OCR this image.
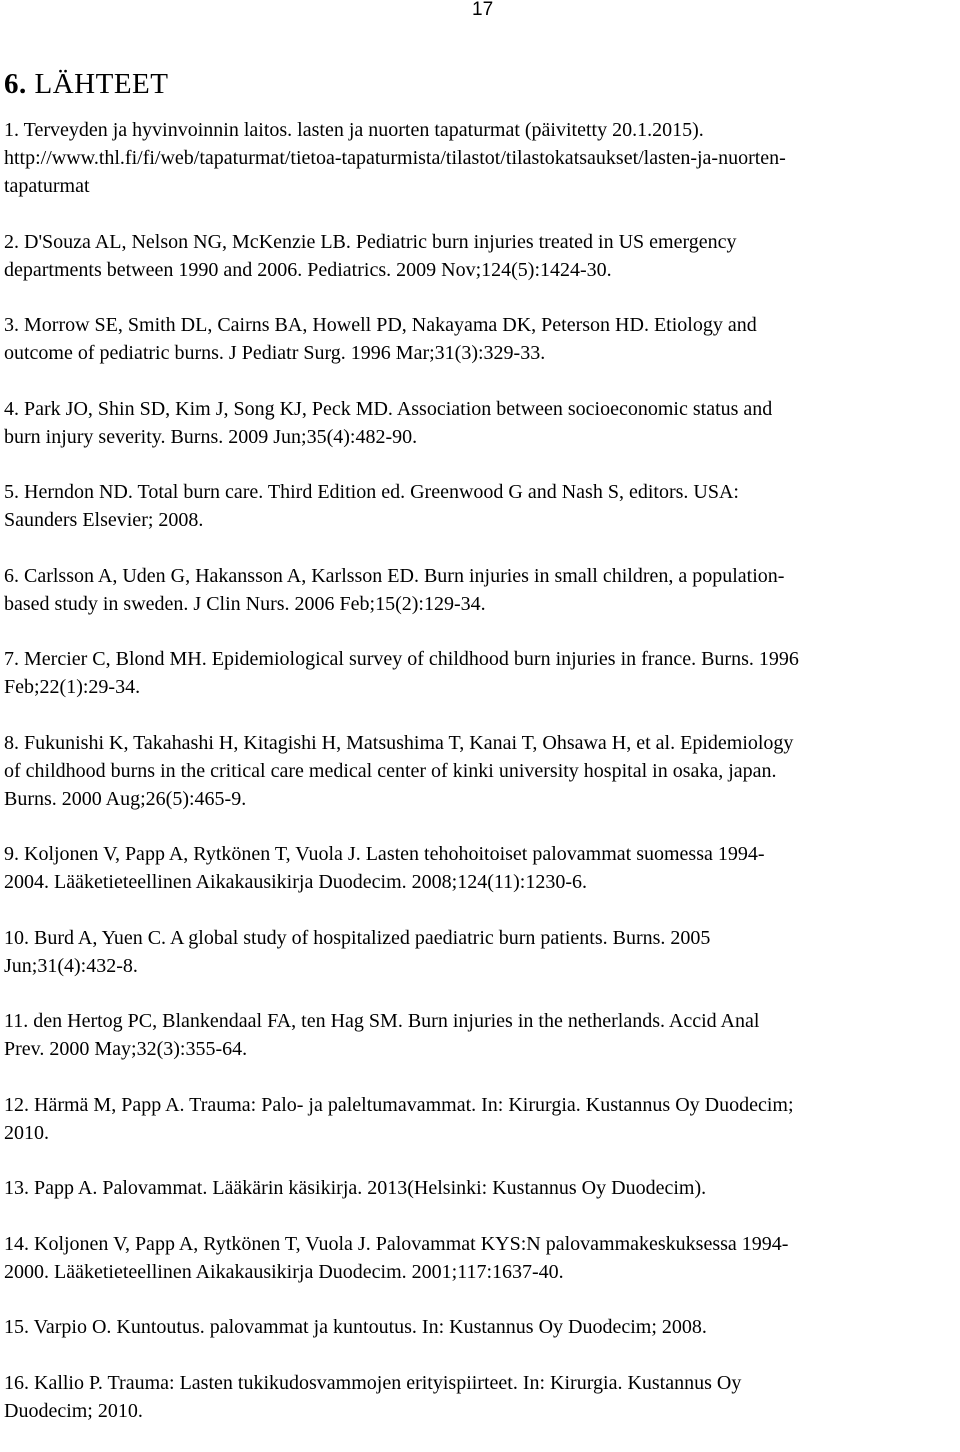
17
6. LÄHTEET
1. Terveyden ja hyvinvoinnin laitos. lasten ja nuorten tapaturmat (päivitetty 20.1.2015).
http://www.thl.fi/fi/web/tapaturmat/tietoa-tapaturmista/tilastot/tilastokatsaukset/lasten-ja-nuorten-
tapaturmat
2. D'Souza AL, Nelson NG, McKenzie LB. Pediatric burn injuries treated in US emergency
departments between 1990 and 2006. Pediatrics. 2009 Nov;124(5):1424-30.
3. Morrow SE, Smith DL, Cairns BA, Howell PD, Nakayama DK, Peterson HD. Etiology and
outcome of pediatric burns. J Pediatr Surg. 1996 Mar;31(3):329-33.
4. Park JO, Shin SD, Kim J, Song KJ, Peck MD. Association between socioeconomic status and
burn injury severity. Burns. 2009 Jun;35(4):482-90.
5. Herndon ND. Total burn care. Third Edition ed. Greenwood G and Nash S, editors. USA:
Saunders Elsevier; 2008.
6. Carlsson A, Uden G, Hakansson A, Karlsson ED. Burn injuries in small children, a population-
based study in sweden. J Clin Nurs. 2006 Feb;15(2):129-34.
7. Mercier C, Blond MH. Epidemiological survey of childhood burn injuries in france. Burns. 1996
Feb;22(1):29-34.
8. Fukunishi K, Takahashi H, Kitagishi H, Matsushima T, Kanai T, Ohsawa H, et al. Epidemiology
of childhood burns in the critical care medical center of kinki university hospital in osaka, japan.
Burns. 2000 Aug;26(5):465-9.
9. Koljonen V, Papp A, Rytkönen T, Vuola J. Lasten tehohoitoiset palovammat suomessa 1994-
2004. Lääketieteellinen Aikakausikirja Duodecim. 2008;124(11):1230-6.
10. Burd A, Yuen C. A global study of hospitalized paediatric burn patients. Burns. 2005
Jun;31(4):432-8.
11. den Hertog PC, Blankendaal FA, ten Hag SM. Burn injuries in the netherlands. Accid Anal
Prev. 2000 May;32(3):355-64.
12. Härmä M, Papp A. Trauma: Palo- ja paleltumavammat. In: Kirurgia. Kustannus Oy Duodecim;
2010.
13. Papp A. Palovammat. Lääkärin käsikirja. 2013(Helsinki: Kustannus Oy Duodecim).
14. Koljonen V, Papp A, Rytkönen T, Vuola J. Palovammat KYS:N palovammakeskuksessa 1994-
2000. Lääketieteellinen Aikakausikirja Duodecim. 2001;117:1637-40.
15. Varpio O. Kuntoutus. palovammat ja kuntoutus. In: Kustannus Oy Duodecim; 2008.
16. Kallio P. Trauma: Lasten tukikudosvammojen erityispiirteet. In: Kirurgia. Kustannus Oy
Duodecim; 2010.
